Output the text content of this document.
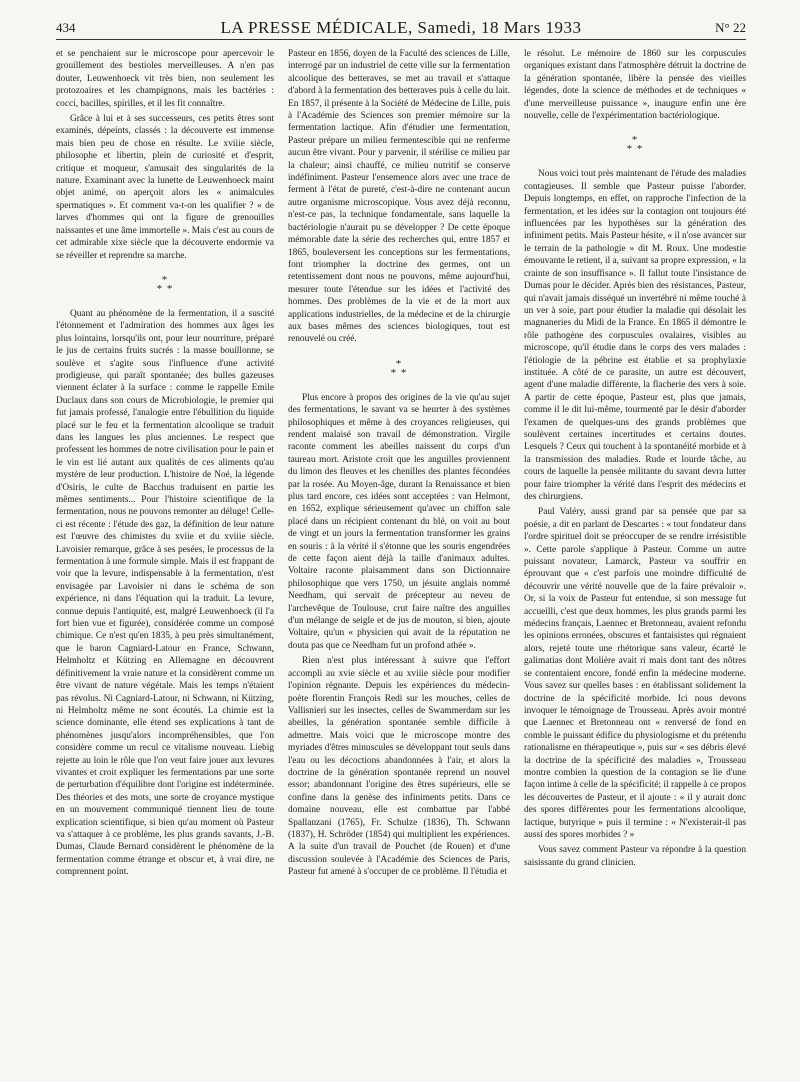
434	LA PRESSE MÉDICALE, Samedi, 18 Mars 1933	N° 22

et se penchaient sur le microscope pour apercevoir le grouillement des bestioles merveilleuses. A n'en pas douter, Leuwenhoeck vit très bien, non seulement les protozoaires et les champignons, mais les bactéries : cocci, bacilles, spirilles, et il les fit connaître.

Grâce à lui et à ses successeurs, ces petits êtres sont examinés, dépeints, classés : la découverte est immense mais bien peu de chose en résulte. Le xviiie siècle, philosophe et libertin, plein de curiosité et d'esprit, critique et moqueur, s'amusait des singularités de la nature. Examinant avec la lunette de Leuwenhoeck maint objet animé, on aperçoit alors les « animalcules spermatiques ». Et comment va-t-on les qualifier ? « de larves d'hommes qui ont la figure de grenouilles naissantes et une âme immortelle ». Mais c'est au cours de cet admirable xixe siècle que la découverte endormie va se réveiller et reprendre sa marche.

*
* *

Quant au phénomène de la fermentation, il a suscité l'étonnement et l'admiration des hommes aux âges les plus lointains, lorsqu'ils ont, pour leur nourriture, préparé le jus de certains fruits sucrés : la masse bouillonne, se soulève et s'agite sous l'influence d'une activité prodigieuse, qui paraît spontanée; des bulles gazeuses viennent éclater à la surface : comme le rappelle Emile Duclaux dans son cours de Microbiologie, le premier qui fut jamais professé, l'analogie entre l'ébullition du liquide placé sur le feu et la fermentation alcoolique se traduit dans les langues les plus anciennes. Le respect que professent les hommes de notre civilisation pour le pain et le vin est lié autant aux qualités de ces aliments qu'au mystère de leur production. L'histoire de Noé, la légende d'Osiris, le culte de Bacchus traduisent en partie les mêmes sentiments... Pour l'histoire scientifique de la fermentation, nous ne pouvons remonter au déluge! Celle-ci est récente : l'étude des gaz, la définition de leur nature est l'œuvre des chimistes du xviie et du xviiie siècle. Lavoisier remarque, grâce à ses pesées, le processus de la fermentation à une formule simple. Mais il est frappant de voir que la levure, indispensable à la fermentation, n'est envisagée par Lavoisier ni dans le schéma de son expérience, ni dans l'équation qui la traduit. La levure, connue depuis l'antiquité, est, malgré Leuwenhoeck (il l'a fort bien vue et figurée), considérée comme un composé chimique. Ce n'est qu'en 1835, à peu près simultanément, que le baron Cagniard-Latour en France, Schwann, Helmholtz et Kützing en Allemagne en découvrent définitivement la vraie nature et la considèrent comme un être vivant de nature végétale. Mais les temps n'étaient pas révolus. Ni Cagniard-Latour, ni Schwann, ni Kützing, ni Helmholtz même ne sont écoutés. La chimie est la science dominante, elle étend ses explications à tant de phénomènes jusqu'alors incompréhensibles, que l'on considère comme un recul ce vitalisme nouveau. Liebig rejette au loin le rôle que l'on veut faire jouer aux levures vivantes et croit expliquer les fermentations par une sorte de perturbation d'équilibre dont l'origine est indéterminée. Des théories et des mots, une sorte de croyance mystique en un mouvement communiqué tiennent lieu de toute explication scientifique, si bien qu'au moment où Pasteur va s'attaquer à ce problème, les plus grands savants, J.-B. Dumas, Claude Bernard considèrent le phénomène de la fermentation comme étrange et obscur et, à vrai dire, ne comprennent point.

Pasteur en 1856, doyen de la Faculté des sciences de Lille, interrogé par un industriel de cette ville sur la fermentation alcoolique des betteraves, se met au travail et s'attaque d'abord à la fermentation des betteraves puis à celle du lait. En 1857, il présente à la Société de Médecine de Lille, puis à l'Académie des Sciences son premier mémoire sur la fermentation lactique. Afin d'étudier une fermentation, Pasteur prépare un milieu fermentescible qui ne renferme aucun être vivant. Pour y parvenir, il stérilise ce milieu par la chaleur; ainsi chauffé, ce milieu nutritif se conserve indéfiniment. Pasteur l'ensemence alors avec une trace de ferment à l'état de pureté, c'est-à-dire ne contenant aucun autre organisme microscopique. Vous avez déjà reconnu, n'est-ce pas, la technique fondamentale, sans laquelle la bactériologie n'aurait pu se développer ? De cette époque mémorable date la série des recherches qui, entre 1857 et 1865, bouleversent les conceptions sur les fermentations, font triompher la doctrine des germes, ont un retentissement dont nous ne pouvons, même aujourd'hui, mesurer toute l'étendue sur les idées et l'activité des hommes. Des problèmes de la vie et de la mort aux applications industrielles, de la médecine et de la chirurgie aux bases mêmes des sciences biologiques, tout est renouvelé ou créé.

*
* *

Plus encore à propos des origines de la vie qu'au sujet des fermentations, le savant va se heurter à des systèmes philosophiques et même à des croyances religieuses, qui rendent malaisé son travail de démonstration. Virgile raconte comment les abeilles naissent du corps d'un taureau mort. Aristote croit que les anguilles proviennent du limon des fleuves et les chenilles des plantes fécondées par la rosée. Au Moyen-âge, durant la Renaissance et bien plus tard encore, ces idées sont acceptées : van Helmont, en 1652, explique sérieusement qu'avec un chiffon sale placé dans un récipient contenant du blé, on voit au bout de vingt et un jours la fermentation transformer les grains en souris : à la vérité il s'étonne que les souris engendrées de cette façon aient déjà la taille d'animaux adultes. Voltaire raconte plaisamment dans son Dictionnaire philosophique que vers 1750, un jésuite anglais nommé Needham, qui servait de précepteur au neveu de l'archevêque de Toulouse, crut faire naître des anguilles d'un mélange de seigle et de jus de mouton, si bien, ajoute Voltaire, qu'un « physicien qui avait de la réputation ne douta pas que ce Needham fut un profond athée ».

Rien n'est plus intéressant à suivre que l'effort accompli au xvie siècle et au xviiie siècle pour modifier l'opinion régnante. Depuis les expériences du médecin-poète florentin François Redi sur les mouches, celles de Vallisnieri sur les insectes, celles de Swammerdam sur les abeilles, la génération spontanée semble difficile à admettre. Mais voici que le microscope montre des myriades d'êtres minuscules se développant tout seuls dans l'eau ou les décoctions abandonnées à l'air, et alors la doctrine de la génération spontanée reprend un nouvel essor; abandonnant l'origine des êtres supérieurs, elle se confine dans la genèse des infiniments petits. Dans ce domaine nouveau, elle est combattue par l'abbé Spallanzani (1765), Fr. Schulze (1836), Th. Schwann (1837), H. Schröder (1854) qui multiplient les expériences. A la suite d'un travail de Pouchet (de Rouen) et d'une discussion soulevée à l'Académie des Sciences de Paris, Pasteur fut amené à s'occuper de ce problème. Il l'étudia et

le résolut. Le mémoire de 1860 sur les corpuscules organiques existant dans l'atmosphère détruit la doctrine de la génération spontanée, libère la pensée des vieilles légendes, dote la science de méthodes et de techniques « d'une merveilleuse puissance », inaugure enfin une ère nouvelle, celle de l'expérimentation bactériologique.

*
* *

Nous voici tout près maintenant de l'étude des maladies contagieuses. Il semble que Pasteur puisse l'aborder. Depuis longtemps, en effet, on rapproche l'infection de la fermentation, et les idées sur la contagion ont toujours été influencées par les hypothèses sur la génération des infiniment petits. Mais Pasteur hésite, « il n'ose avancer sur le terrain de la pathologie » dit M. Roux. Une modestie émouvante le retient, il a, suivant sa propre expression, « la crainte de son insuffisance ». Il fallut toute l'insistance de Dumas pour le décider. Après bien des résistances, Pasteur, qui n'avait jamais disséqué un invertébré ni même touché à un ver à soie, part pour étudier la maladie qui désolait les magnaneries du Midi de la France. En 1865 il démontre le rôle pathogène des corpuscules ovalaires, visibles au microscope, qu'il étudie dans le corps des vers malades : l'étiologie de la pébrine est établie et sa prophylaxie instituée. A côté de ce parasite, un autre est découvert, agent d'une maladie différente, la flacherie des vers à soie. A partir de cette époque, Pasteur est, plus que jamais, comme il le dit lui-même, tourmenté par le désir d'aborder l'examen de quelques-uns des grands problèmes que soulèvent certaines incertitudes et certains doutes. Lesquels ? Ceux qui touchent à la spontanéité morbide et à la transmission des maladies. Rude et lourde tâche, au cours de laquelle la pensée militante du savant devra lutter pour faire triompher la vérité dans l'esprit des médecins et des chirurgiens.

Paul Valéry, aussi grand par sa pensée que par sa poésie, a dit en parlant de Descartes : « tout fondateur dans l'ordre spirituel doit se préoccuper de se rendre irrésistible ». Cette parole s'applique à Pasteur. Comme un autre puissant novateur, Lamarck, Pasteur va souffrir en éprouvant que « c'est parfois une moindre difficulté de découvrir une vérité nouvelle que de la faire prévaloir ». Or, si la voix de Pasteur fut entendue, si son message fut accueilli, c'est que deux hommes, les plus grands parmi les médecins français, Laennec et Bretonneau, avaient refondu les opinions erronées, obscures et fantaisistes qui régnaient alors, rejeté toute une rhétorique sans valeur, écarté le galimatias dont Molière avait ri mais dont tant des nôtres se contentaient encore, fondé enfin la médecine moderne. Vous savez sur quelles bases : en établissant solidement la doctrine de la spécificité morbide. Ici nous devons invoquer le témoignage de Trousseau. Après avoir montré que Laennec et Bretonneau ont « renversé de fond en comble le puissant édifice du physiologisme et du prétendu rationalisme en thérapeutique », puis sur « ses débris élevé la doctrine de la spécificité des maladies », Trousseau montre combien la question de la contagion se lie d'une façon intime à celle de la spécificité; il rappelle à ce propos les découvertes de Pasteur, et il ajoute : « il y aurait donc des spores différentes pour les fermentations alcoolique, lactique, butyrique » puis il termine : « N'existerait-il pas aussi des spores morbides ? »

Vous savez comment Pasteur va répondre à la question saisissante du grand clinicien.
